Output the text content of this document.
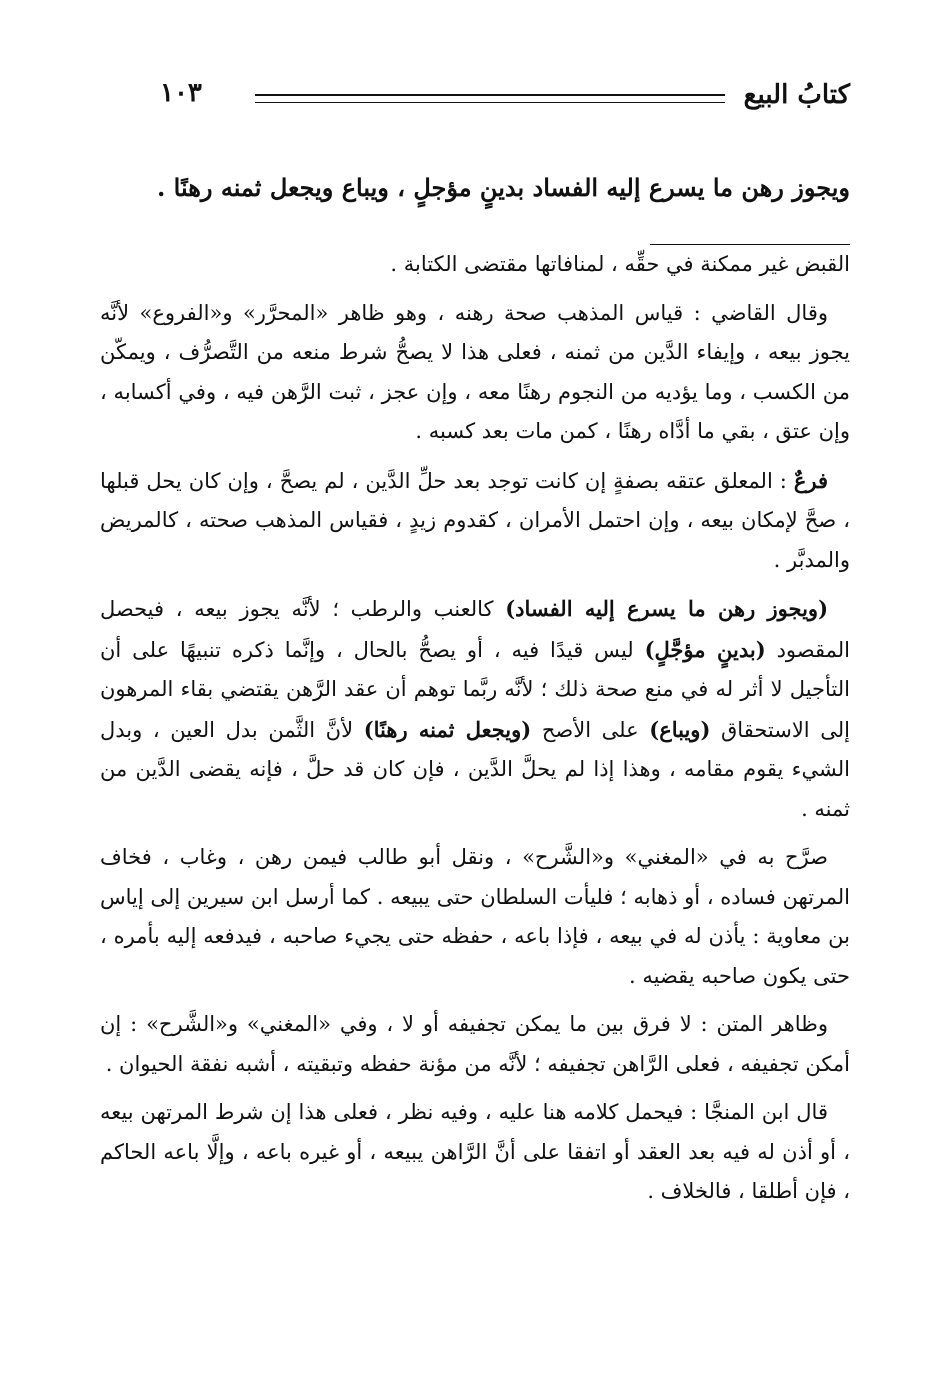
كتابُ البيع
١٠٣
ويجوز رهن ما يسرع إليه الفساد بدينٍ مؤجلٍ ، ويباع ويجعل ثمنه رهنًا .

القبض غير ممكنة في حقِّه ، لمنافاتها مقتضى الكتابة .

وقال القاضي : قياس المذهب صحة رهنه ، وهو ظاهر «المحرَّر» و«الفروع» لأنَّه يجوز بيعه ، وإيفاء الدَّين من ثمنه ، فعلى هذا لا يصحُّ شرط منعه من التَّصرُّف ، ويمكّن من الكسب ، وما يؤديه من النجوم رهنًا معه ، وإن عجز ، ثبت الرَّهن فيه ، وفي أكسابه ، وإن عتق ، بقي ما أدَّاه رهنًا ، كمن مات بعد كسبه .

فرعٌ : المعلق عتقه بصفةٍ إن كانت توجد بعد حلِّ الدَّين ، لم يصحَّ ، وإن كان يحل قبلها ، صحَّ لإمكان بيعه ، وإن احتمل الأمران ، كقدوم زيدٍ ، فقياس المذهب صحته ، كالمريض والمدبَّر .

(ويجوز رهن ما يسرع إليه الفساد) كالعنب والرطب ؛ لأنَّه يجوز بيعه ، فيحصل المقصود (بدينٍ مؤجَّلٍ) ليس قيدًا فيه ، أو يصحُّ بالحال ، وإنَّما ذكره تنبيهًا على أن التأجيل لا أثر له في منع صحة ذلك ؛ لأنَّه ربَّما توهم أن عقد الرَّهن يقتضي بقاء المرهون إلى الاستحقاق (ويباع) على الأصح (ويجعل ثمنه رهنًا) لأنَّ الثَّمن بدل العين ، وبدل الشيء يقوم مقامه ، وهذا إذا لم يحلَّ الدَّين ، فإن كان قد حلَّ ، فإنه يقضى الدَّين من ثمنه .

صرَّح به في «المغني» و«الشَّرح» ، ونقل أبو طالب فيمن رهن ، وغاب ، فخاف المرتهن فساده ، أو ذهابه ؛ فليأت السلطان حتى يبيعه . كما أرسل ابن سيرين إلى إياس بن معاوية : يأذن له في بيعه ، فإذا باعه ، حفظه حتى يجيء صاحبه ، فيدفعه إليه بأمره ، حتى يكون صاحبه يقضيه .

وظاهر المتن : لا فرق بين ما يمكن تجفيفه أو لا ، وفي «المغني» و«الشَّرح» : إن أمكن تجفيفه ، فعلى الرَّاهن تجفيفه ؛ لأنَّه من مؤنة حفظه وتبقيته ، أشبه نفقة الحيوان .

قال ابن المنجَّا : فيحمل كلامه هنا عليه ، وفيه نظر ، فعلى هذا إن شرط المرتهن بيعه ، أو أذن له فيه بعد العقد أو اتفقا على أنَّ الرَّاهن يبيعه ، أو غيره باعه ، وإلَّا باعه الحاكم ، فإن أطلقا ، فالخلاف .
